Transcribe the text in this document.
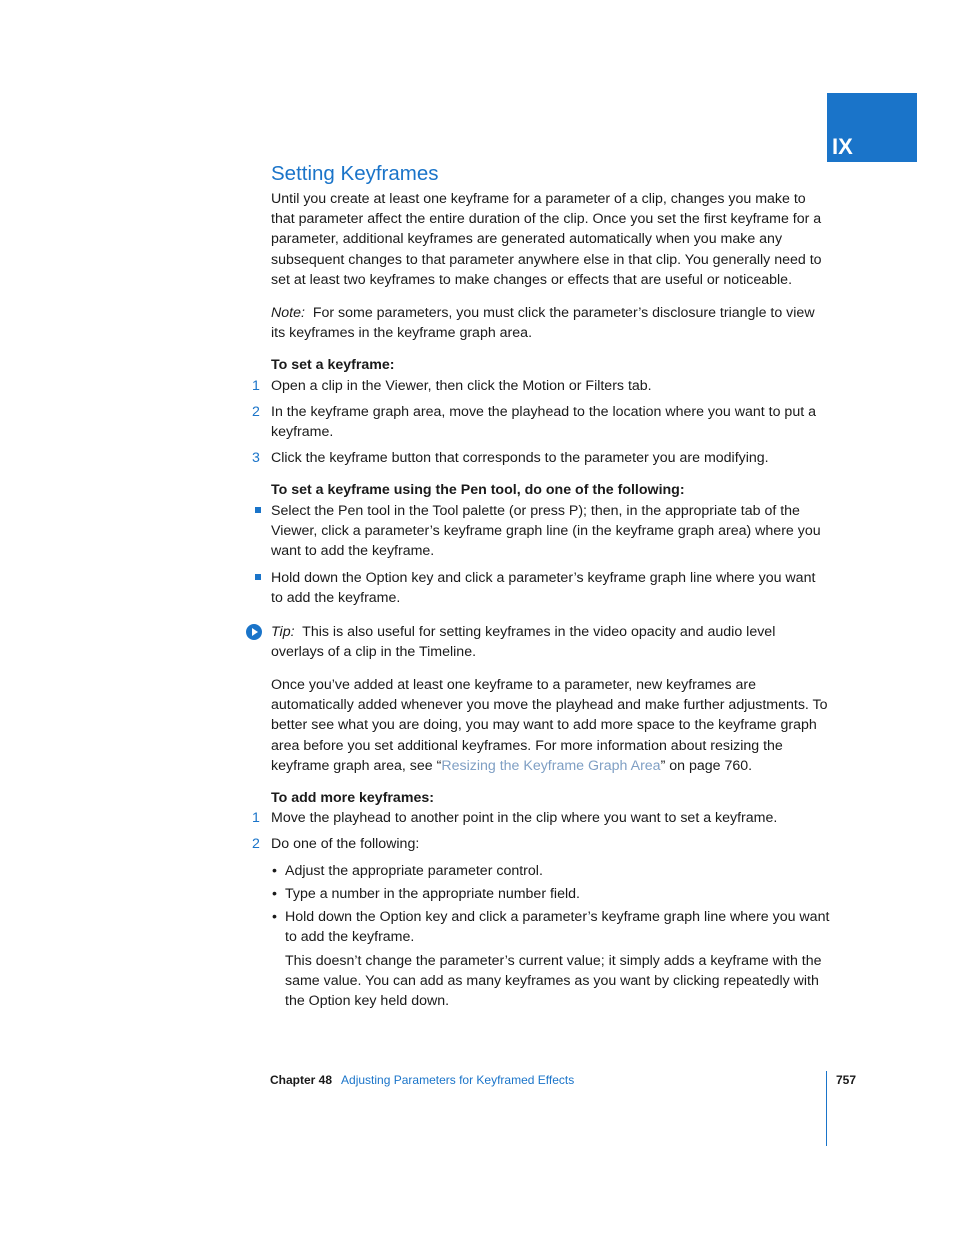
IX
Setting Keyframes

Until you create at least one keyframe for a parameter of a clip, changes you make to that parameter affect the entire duration of the clip. Once you set the first keyframe for a parameter, additional keyframes are generated automatically when you make any subsequent changes to that parameter anywhere else in that clip. You generally need to set at least two keyframes to make changes or effects that are useful or noticeable.

Note: For some parameters, you must click the parameter’s disclosure triangle to view its keyframes in the keyframe graph area.

To set a keyframe:

1 Open a clip in the Viewer, then click the Motion or Filters tab.
2 In the keyframe graph area, move the playhead to the location where you want to put a keyframe.
3 Click the keyframe button that corresponds to the parameter you are modifying.

To set a keyframe using the Pen tool, do one of the following:

Select the Pen tool in the Tool palette (or press P); then, in the appropriate tab of the Viewer, click a parameter’s keyframe graph line (in the keyframe graph area) where you want to add the keyframe.
Hold down the Option key and click a parameter’s keyframe graph line where you want to add the keyframe.

Tip: This is also useful for setting keyframes in the video opacity and audio level overlays of a clip in the Timeline.

Once you’ve added at least one keyframe to a parameter, new keyframes are automatically added whenever you move the playhead and make further adjustments. To better see what you are doing, you may want to add more space to the keyframe graph area before you set additional keyframes. For more information about resizing the keyframe graph area, see “Resizing the Keyframe Graph Area” on page 760.

To add more keyframes:

1 Move the playhead to another point in the clip where you want to set a keyframe.
2 Do one of the following:
• Adjust the appropriate parameter control.
• Type a number in the appropriate number field.
• Hold down the Option key and click a parameter’s keyframe graph line where you want to add the keyframe.

This doesn’t change the parameter’s current value; it simply adds a keyframe with the same value. You can add as many keyframes as you want by clicking repeatedly with the Option key held down.

Chapter 48 Adjusting Parameters for Keyframed Effects	757
